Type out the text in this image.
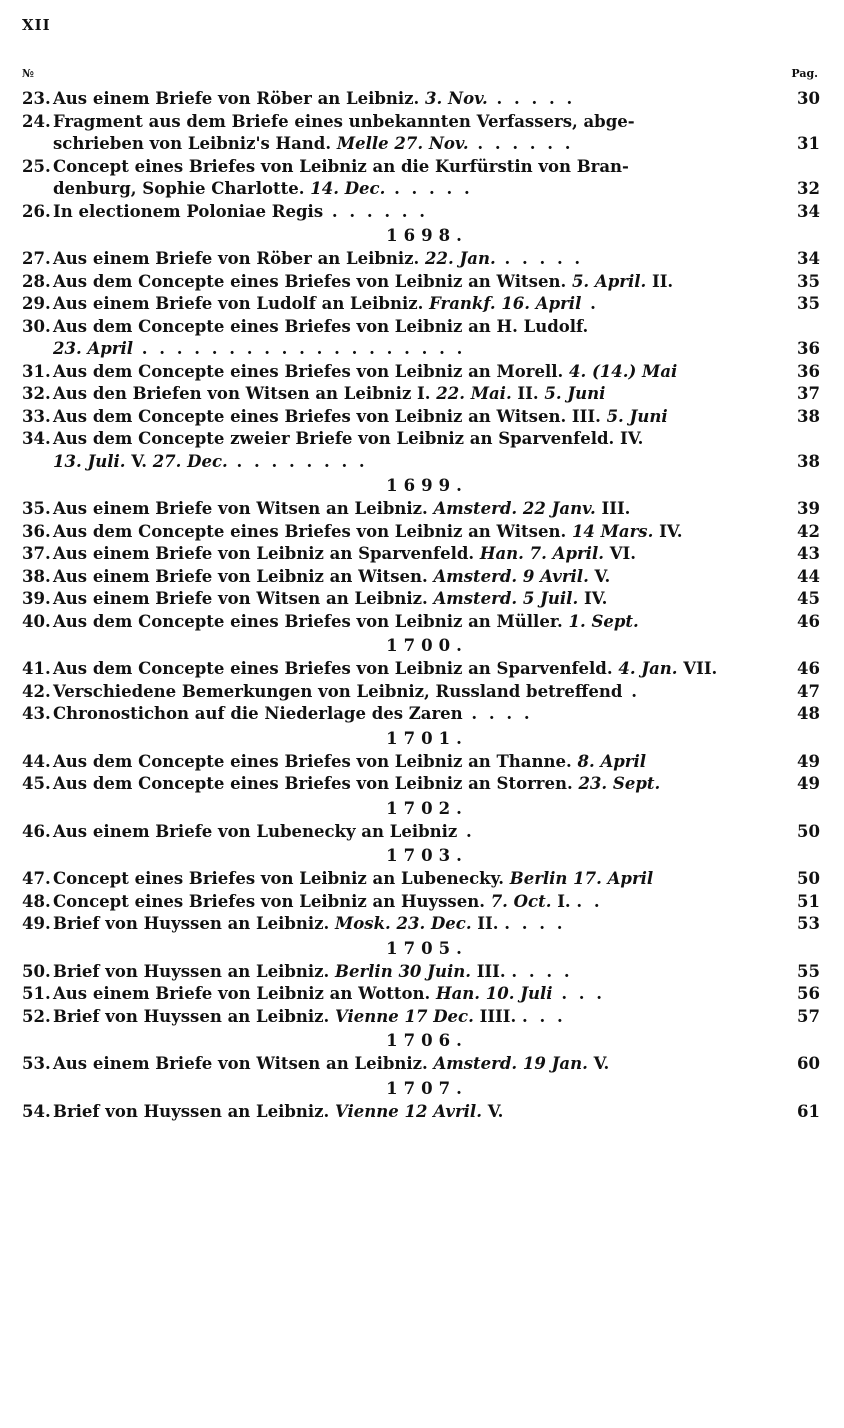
XII
№	Pag.
23. Aus einem Briefe von Röber an Leibniz. 3. Nov. . . . . .	30
24. Fragment aus dem Briefe eines unbekannten Verfassers, abge-
schrieben von Leibniz's Hand. Melle 27. Nov. . . . . . .	31
25. Concept eines Briefes von Leibniz an die Kurfürstin von Bran-
denburg, Sophie Charlotte. 14. Dec. . . . . .	32
26. In electionem Poloniae Regis . . . . . .	34
1698.
27. Aus einem Briefe von Röber an Leibniz. 22. Jan. . . . . .	34
28. Aus dem Concepte eines Briefes von Leibniz an Witsen. 5. April. II.	35
29. Aus einem Briefe von Ludolf an Leibniz. Frankf. 16. April .	35
30. Aus dem Concepte eines Briefes von Leibniz an H. Ludolf.
23. April . . . . . . . . . . . . . . . . . . .	36
31. Aus dem Concepte eines Briefes von Leibniz an Morell. 4. (14.) Mai	36
32. Aus den Briefen von Witsen an Leibniz I. 22. Mai. II. 5. Juni	37
33. Aus dem Concepte eines Briefes von Leibniz an Witsen. III. 5. Juni	38
34. Aus dem Concepte zweier Briefe von Leibniz an Sparvenfeld. IV.
13. Juli. V. 27. Dec. . . . . . . . .	38
1699.
35. Aus einem Briefe von Witsen an Leibniz. Amsterd. 22 Janv. III.	39
36. Aus dem Concepte eines Briefes von Leibniz an Witsen. 14 Mars. IV.	42
37. Aus einem Briefe von Leibniz an Sparvenfeld. Han. 7. April. VI.	43
38. Aus einem Briefe von Leibniz an Witsen. Amsterd. 9 Avril. V.	44
39. Aus einem Briefe von Witsen an Leibniz. Amsterd. 5 Juil. IV.	45
40. Aus dem Concepte eines Briefes von Leibniz an Müller. 1. Sept.	46
1700.
41. Aus dem Concepte eines Briefes von Leibniz an Sparvenfeld. 4. Jan. VII.	46
42. Verschiedene Bemerkungen von Leibniz, Russland betreffend .	47
43. Chronostichon auf die Niederlage des Zaren . . . .	48
1701.
44. Aus dem Concepte eines Briefes von Leibniz an Thanne. 8. April	49
45. Aus dem Concepte eines Briefes von Leibniz an Storren. 23. Sept.	49
1702.
46. Aus einem Briefe von Lubenecky an Leibniz .	50
1703.
47. Concept eines Briefes von Leibniz an Lubenecky. Berlin 17. April	50
48. Concept eines Briefes von Leibniz an Huyssen. 7. Oct. I. . .	51
49. Brief von Huyssen an Leibniz. Mosk. 23. Dec. II. . . . .	53
1705.
50. Brief von Huyssen an Leibniz. Berlin 30 Juin. III. . . . .	55
51. Aus einem Briefe von Leibniz an Wotton. Han. 10. Juli . . .	56
52. Brief von Huyssen an Leibniz. Vienne 17 Dec. IIII. . . .	57
1706.
53. Aus einem Briefe von Witsen an Leibniz. Amsterd. 19 Jan. V.	60
1707.
54. Brief von Huyssen an Leibniz. Vienne 12 Avril. V.	61
